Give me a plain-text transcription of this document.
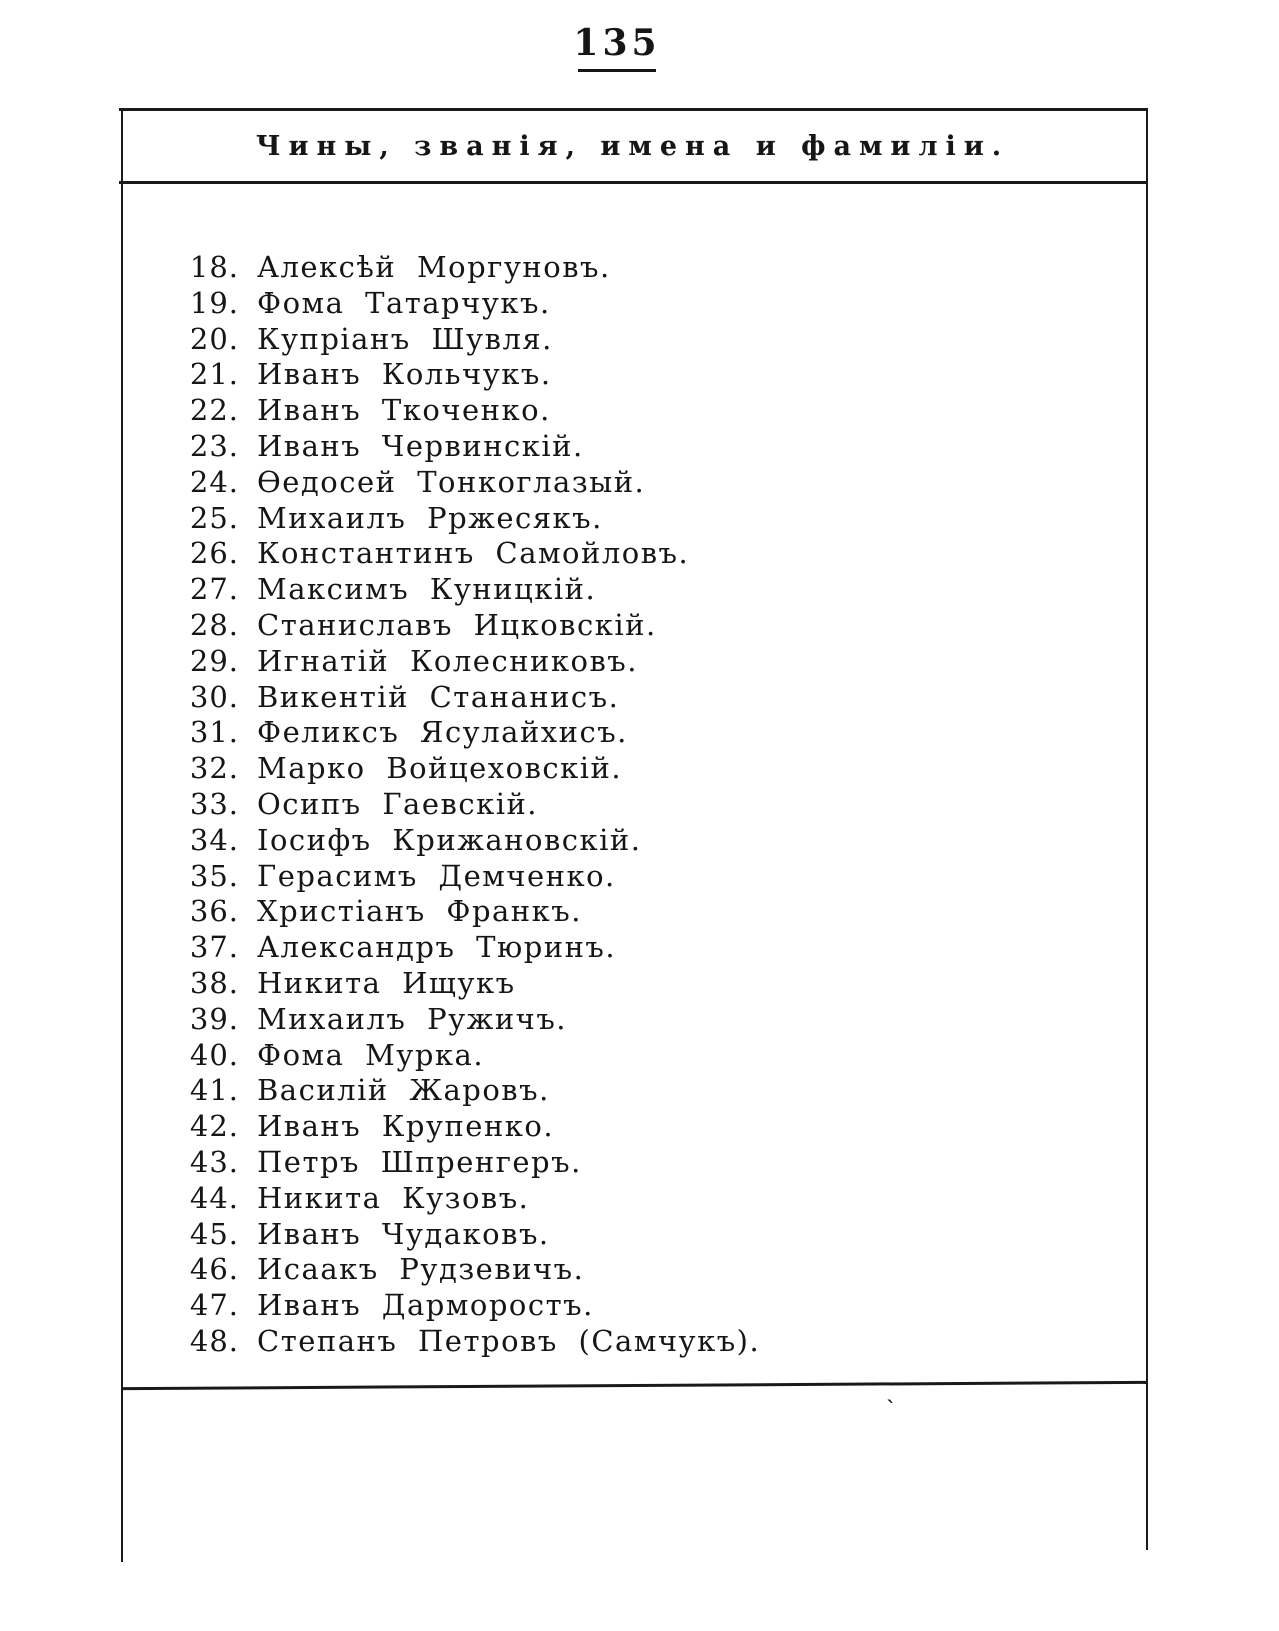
135
Чины, званія, имена и фамиліи.
18. Алексѣй Моргуновъ.
19. Фома Татарчукъ.
20. Купріанъ Шувля.
21. Иванъ Кольчукъ.
22. Иванъ Ткоченко.
23. Иванъ Червинскій.
24. Ѳедосей Тонкоглазый.
25. Михаилъ Рржесякъ.
26. Константинъ Самойловъ.
27. Максимъ Куницкій.
28. Станиславъ Ицковскій.
29. Игнатій Колесниковъ.
30. Викентій Стананисъ.
31. Феликсъ Ясулайхисъ.
32. Марко Войцеховскій.
33. Осипъ Гаевскій.
34. Іосифъ Крижановскій.
35. Герасимъ Демченко.
36. Христіанъ Франкъ.
37. Александръ Тюринъ.
38. Никита Ищукъ
39. Михаилъ Ружичъ.
40. Фома Мурка.
41. Василій Жаровъ.
42. Иванъ Крупенко.
43. Петръ Шпренгеръ.
44. Никита Кузовъ.
45. Иванъ Чудаковъ.
46. Исаакъ Рудзевичъ.
47. Иванъ Дарморостъ.
48. Степанъ Петровъ (Самчукъ).
ˋ
